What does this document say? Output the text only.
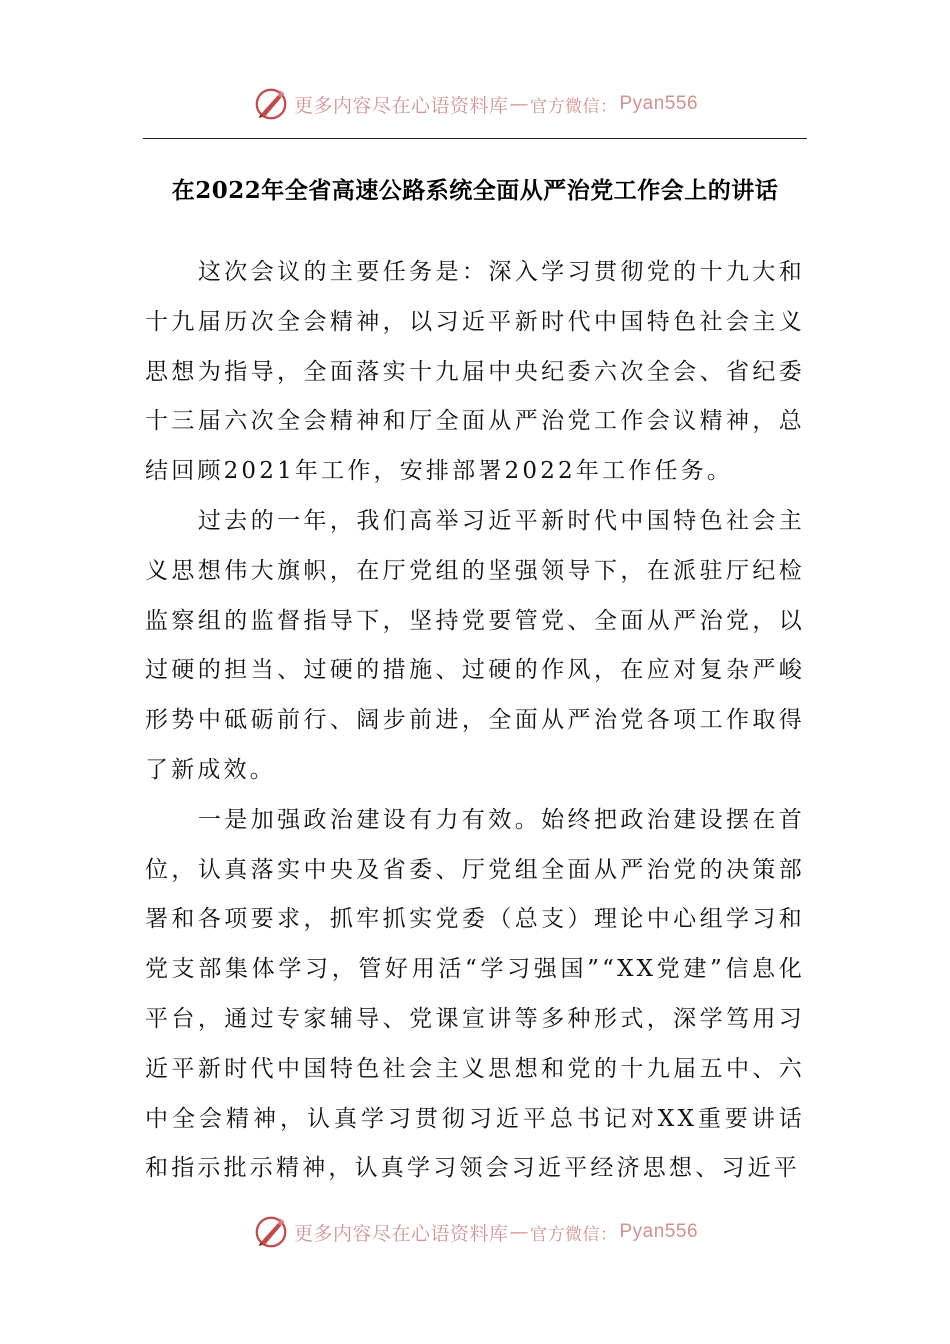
更多内容尽在心语资料库 — 官方微信： Pyan556
在2022年全省高速公路系统全面从严治党工作会上的讲话

这次会议的主要任务是：深入学习贯彻党的十九大和十九届历次全会精神，以习近平新时代中国特色社会主义思想为指导，全面落实十九届中央纪委六次全会、省纪委十三届六次全会精神和厅全面从严治党工作会议精神，总结回顾2021年工作，安排部署2022年工作任务。

过去的一年，我们高举习近平新时代中国特色社会主义思想伟大旗帜，在厅党组的坚强领导下，在派驻厅纪检监察组的监督指导下，坚持党要管党、全面从严治党，以过硬的担当、过硬的措施、过硬的作风，在应对复杂严峻形势中砥砺前行、阔步前进，全面从严治党各项工作取得了新成效。

一是加强政治建设有力有效。始终把政治建设摆在首位，认真落实中央及省委、厅党组全面从严治党的决策部署和各项要求，抓牢抓实党委（总支）理论中心组学习和党支部集体学习，管好用活“学习强国”“XX党建”信息化平台，通过专家辅导、党课宣讲等多种形式，深学笃用习近平新时代中国特色社会主义思想和党的十九届五中、六中全会精神，认真学习贯彻习近平总书记对XX重要讲话和指示批示精神，认真学习领会习近平经济思想、习近平

更多内容尽在心语资料库 — 官方微信： Pyan556
